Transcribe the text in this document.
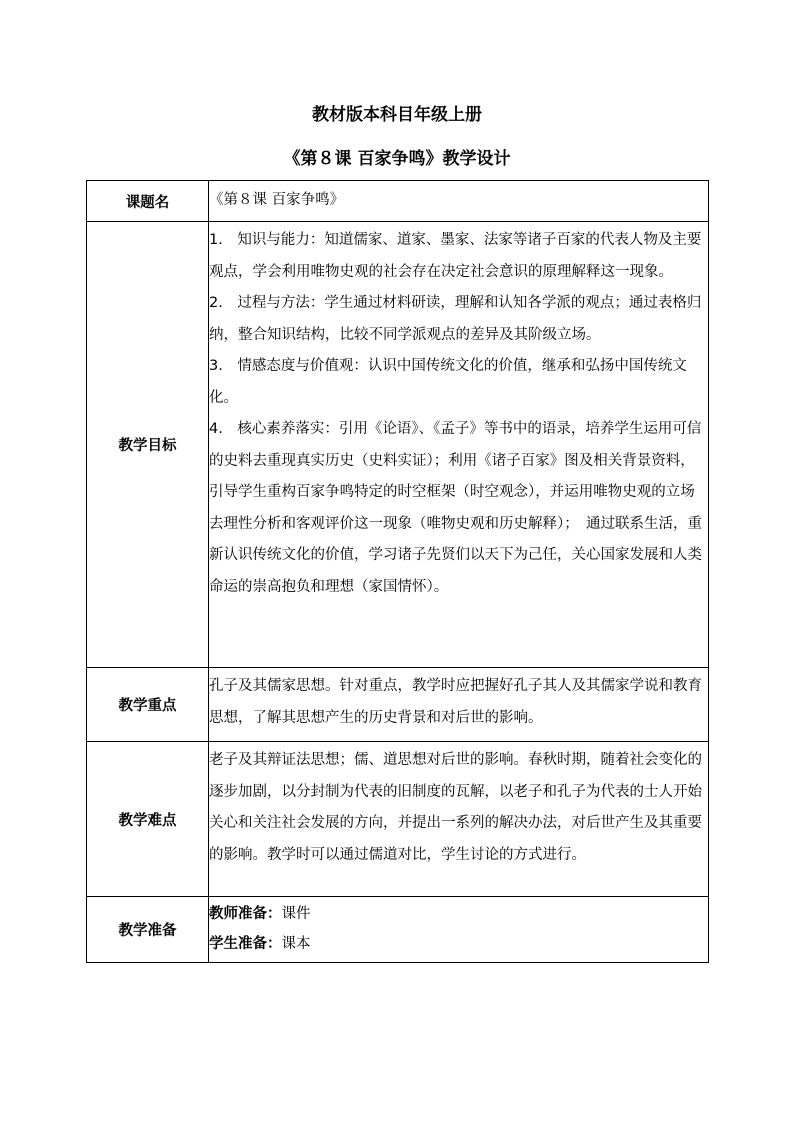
教材版本科目年级上册
《第８课 百家争鸣》教学设计
课题名	《第８课 百家争鸣》
教学目标	1.　知识与能力：知道儒家、道家、墨家、法家等诸子百家的代表人物及主要观点，学会利用唯物史观的社会存在决定社会意识的原理解释这一现象。

2.　过程与方法：学生通过材料研读，理解和认知各学派的观点；通过表格归纳，整合知识结构，比较不同学派观点的差异及其阶级立场。

3.　情感态度与价值观：认识中国传统文化的价值，继承和弘扬中国传统文化。

4.　核心素养落实：引用《论语》、《孟子》等书中的语录，培养学生运用可信的史料去重现真实历史（史料实证）；利用《诸子百家》图及相关背景资料，引导学生重构百家争鸣特定的时空框架（时空观念），并运用唯物史观的立场去理性分析和客观评价这一现象（唯物史观和历史解释）；　通过联系生活，重新认识传统文化的价值，学习诸子先贤们以天下为己任，关心国家发展和人类命运的崇高抱负和理想（家国情怀）。

教学重点	孔子及其儒家思想。针对重点，教学时应把握好孔子其人及其儒家学说和教育思想，了解其思想产生的历史背景和对后世的影响。
教学难点	老子及其辩证法思想；儒、道思想对后世的影响。春秋时期，随着社会变化的逐步加剧，以分封制为代表的旧制度的瓦解，以老子和孔子为代表的士人开始关心和关注社会发展的方向，并提出一系列的解决办法，对后世产生及其重要的影响。教学时可以通过儒道对比，学生讨论的方式进行。
教学准备	教师准备：课件

学生准备：课本
